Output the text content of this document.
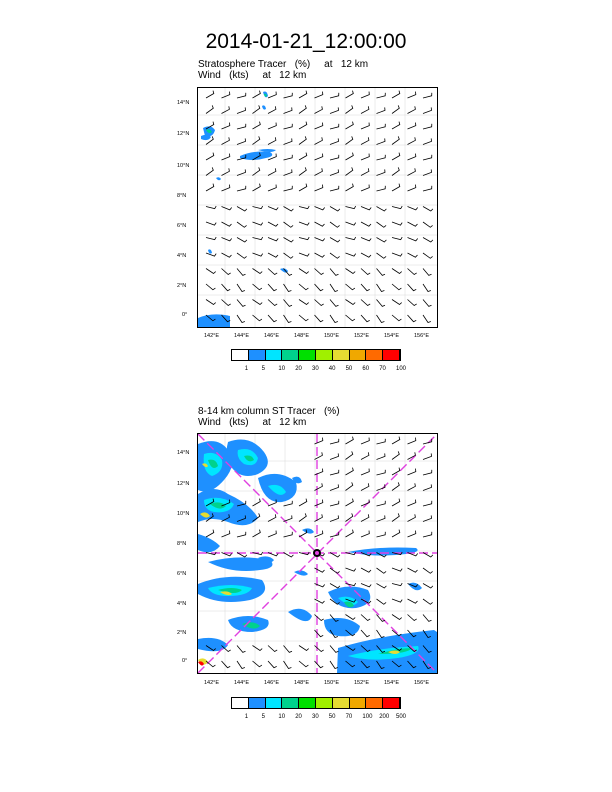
2014-01-21_12:00:00
Stratosphere Tracer   (%)     at   12 km
Wind   (kts)     at   12 km
14°N
12°N
10°N
8°N
6°N
4°N
2°N
0°
142°E	144°E	146°E	148°E	150°E	152°E	154°E	156°E
1 5 10 20 30 40 50 60 70 100
8-14 km column ST Tracer   (%)
Wind   (kts)     at   12 km
14°N
12°N
10°N
8°N
6°N
4°N
2°N
0°
142°E	144°E	146°E	148°E	150°E	152°E	154°E	156°E
1 5 10 20 30 50 70 100 200 500
